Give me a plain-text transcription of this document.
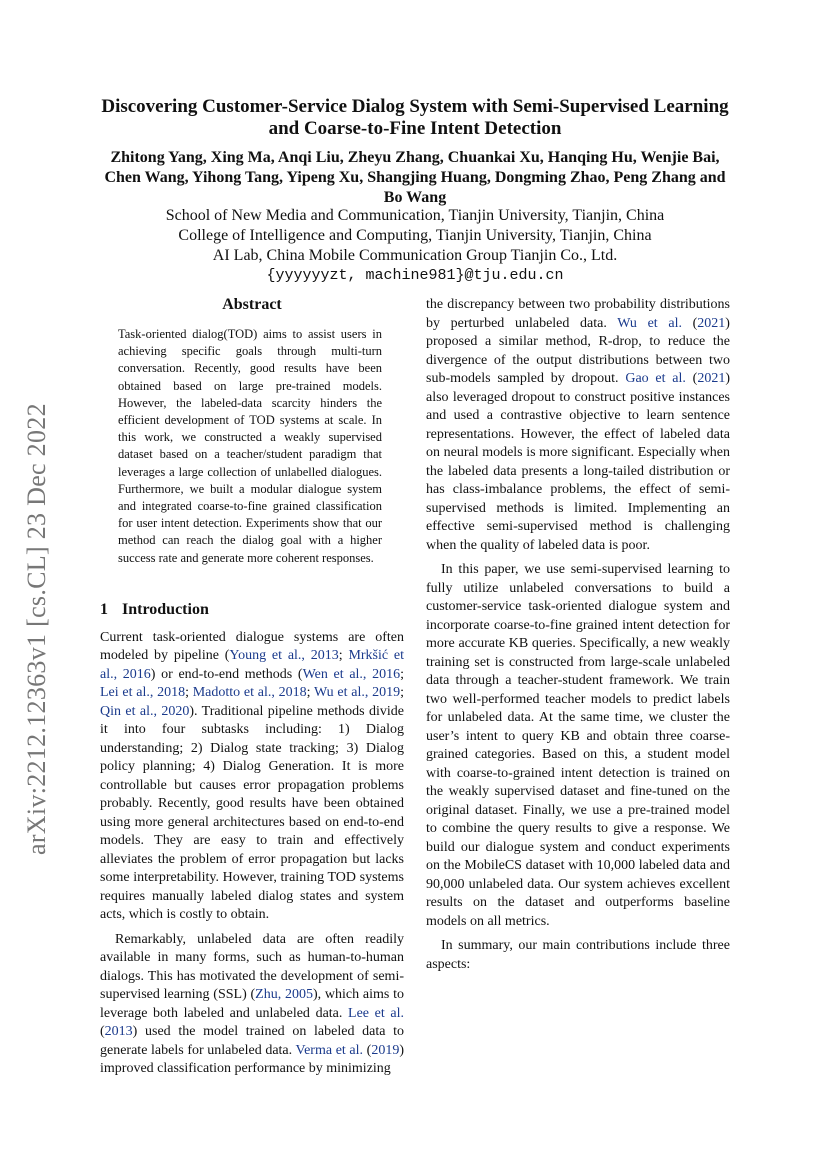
arXiv:2212.12363v1 [cs.CL] 23 Dec 2022
Discovering Customer-Service Dialog System with Semi-Supervised Learning and Coarse-to-Fine Intent Detection
Zhitong Yang, Xing Ma, Anqi Liu, Zheyu Zhang, Chuankai Xu, Hanqing Hu, Wenjie Bai, Chen Wang, Yihong Tang, Yipeng Xu, Shangjing Huang, Dongming Zhao, Peng Zhang and Bo Wang
School of New Media and Communication, Tianjin University, Tianjin, China
College of Intelligence and Computing, Tianjin University, Tianjin, China
AI Lab, China Mobile Communication Group Tianjin Co., Ltd.
{yyyyyyzt, machine981}@tju.edu.cn
Abstract

Task-oriented dialog(TOD) aims to assist users in achieving specific goals through multi-turn conversation. Recently, good results have been obtained based on large pre-trained models. However, the labeled-data scarcity hinders the efficient development of TOD systems at scale. In this work, we constructed a weakly supervised dataset based on a teacher/student paradigm that leverages a large collection of unlabelled dialogues. Furthermore, we built a modular dialogue system and integrated coarse-to-fine grained classification for user intent detection. Experiments show that our method can reach the dialog goal with a higher success rate and generate more coherent responses.

1 Introduction

Current task-oriented dialogue systems are often modeled by pipeline (Young et al., 2013; Mrkšić et al., 2016) or end-to-end methods (Wen et al., 2016; Lei et al., 2018; Madotto et al., 2018; Wu et al., 2019; Qin et al., 2020). Traditional pipeline methods divide it into four subtasks including: 1) Dialog understanding; 2) Dialog state tracking; 3) Dialog policy planning; 4) Dialog Generation. It is more controllable but causes error propagation problems probably. Recently, good results have been obtained using more general architectures based on end-to-end models. They are easy to train and effectively alleviates the problem of error propagation but lacks some interpretability. However, training TOD systems requires manually labeled dialog states and system acts, which is costly to obtain.

Remarkably, unlabeled data are often readily available in many forms, such as human-to-human dialogs. This has motivated the development of semi-supervised learning (SSL) (Zhu, 2005), which aims to leverage both labeled and unlabeled data. Lee et al. (2013) used the model trained on labeled data to generate labels for unlabeled data. Verma et al. (2019) improved classification performance by minimizing

the discrepancy between two probability distributions by perturbed unlabeled data. Wu et al. (2021) proposed a similar method, R-drop, to reduce the divergence of the output distributions between two sub-models sampled by dropout. Gao et al. (2021) also leveraged dropout to construct positive instances and used a contrastive objective to learn sentence representations. However, the effect of labeled data on neural models is more significant. Especially when the labeled data presents a long-tailed distribution or has class-imbalance problems, the effect of semi-supervised methods is limited. Implementing an effective semi-supervised method is challenging when the quality of labeled data is poor.

In this paper, we use semi-supervised learning to fully utilize unlabeled conversations to build a customer-service task-oriented dialogue system and incorporate coarse-to-fine grained intent detection for more accurate KB queries. Specifically, a new weakly training set is constructed from large-scale unlabeled data through a teacher-student framework. We train two well-performed teacher models to predict labels for unlabeled data. At the same time, we cluster the user’s intent to query KB and obtain three coarse-grained categories. Based on this, a student model with coarse-to-grained intent detection is trained on the weakly supervised dataset and fine-tuned on the original dataset. Finally, we use a pre-trained model to combine the query results to give a response. We build our dialogue system and conduct experiments on the MobileCS dataset with 10,000 labeled data and 90,000 unlabeled data. Our system achieves excellent results on the dataset and outperforms baseline models on all metrics.

In summary, our main contributions include three aspects:
